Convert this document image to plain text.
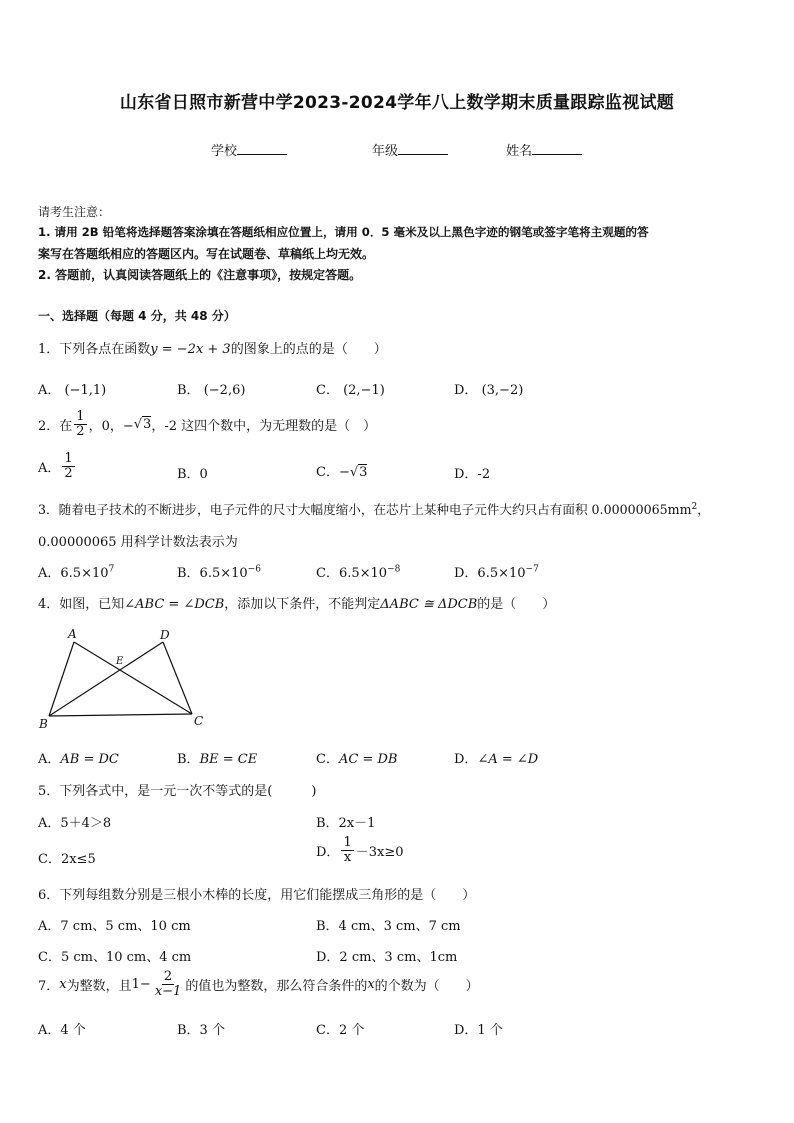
山东省日照市新营中学2023-2024学年八上数学期末质量跟踪监视试题
学校	年级	姓名
请考生注意：
1. 请用 2B 铅笔将选择题答案涂填在答题纸相应位置上，请用 0．5 毫米及以上黑色字迹的钢笔或签字笔将主观题的答
案写在答题纸相应的答题区内。写在试题卷、草稿纸上均无效。
2. 答题前，认真阅读答题纸上的《注意事项》，按规定答题。
一、选择题（每题 4 分，共 48 分）
1．下列各点在函数y = −2x + 3的图象上的点的是（　　）
A． (−1,1)	B． (−2,6)	C． (2,−1)	D． (3,−2)
2．在 $\frac{1}{2}$ ，0，− √ 3 ，-2 这四个数中，为无理数的是（　）
A． $\frac{1}{2}$	B．0	C．−√3	D．-2
3．随着电子技术的不断进步，电子元件的尺寸大幅度缩小，在芯片上某种电子元件大约只占有面积 $0.00000065mm^2$，
0.00000065 用科学计数法表示为
A．$6.5\times 10^7$	B．$6.5\times 10^{-6}$	C．$6.5\times 10^{-8}$	D．$6.5\times 10^{-7}$
4．如图，已知∠ABC = ∠DCB，添加以下条件，不能判定ΔABC ≅ ΔDCB的是（　　）
A	D
E
B	C
A．AB = DC	B．BE = CE	C．AC = DB	D．∠A = ∠D
5．下列各式中，是一元一次不等式的是(　　　)
A．5＋4＞8	B．2x－1
C．2x≤5	D． $\frac{1}{x} -3x\ge 0$
6．下列每组数分别是三根小木棒的长度，用它们能摆成三角形的是（　　）
A．7 cm、5 cm、10 cm	B．4 cm、3 cm、7 cm
C．5 cm、10 cm、4 cm	D．2 cm、3 cm、1cm
7． x 为整数，且 $1- \frac{2}{x-1}$ 的值也为整数，那么符合条件的 x 的个数为（　　）
A．4 个	B．3 个	C．2 个	D．1 个
